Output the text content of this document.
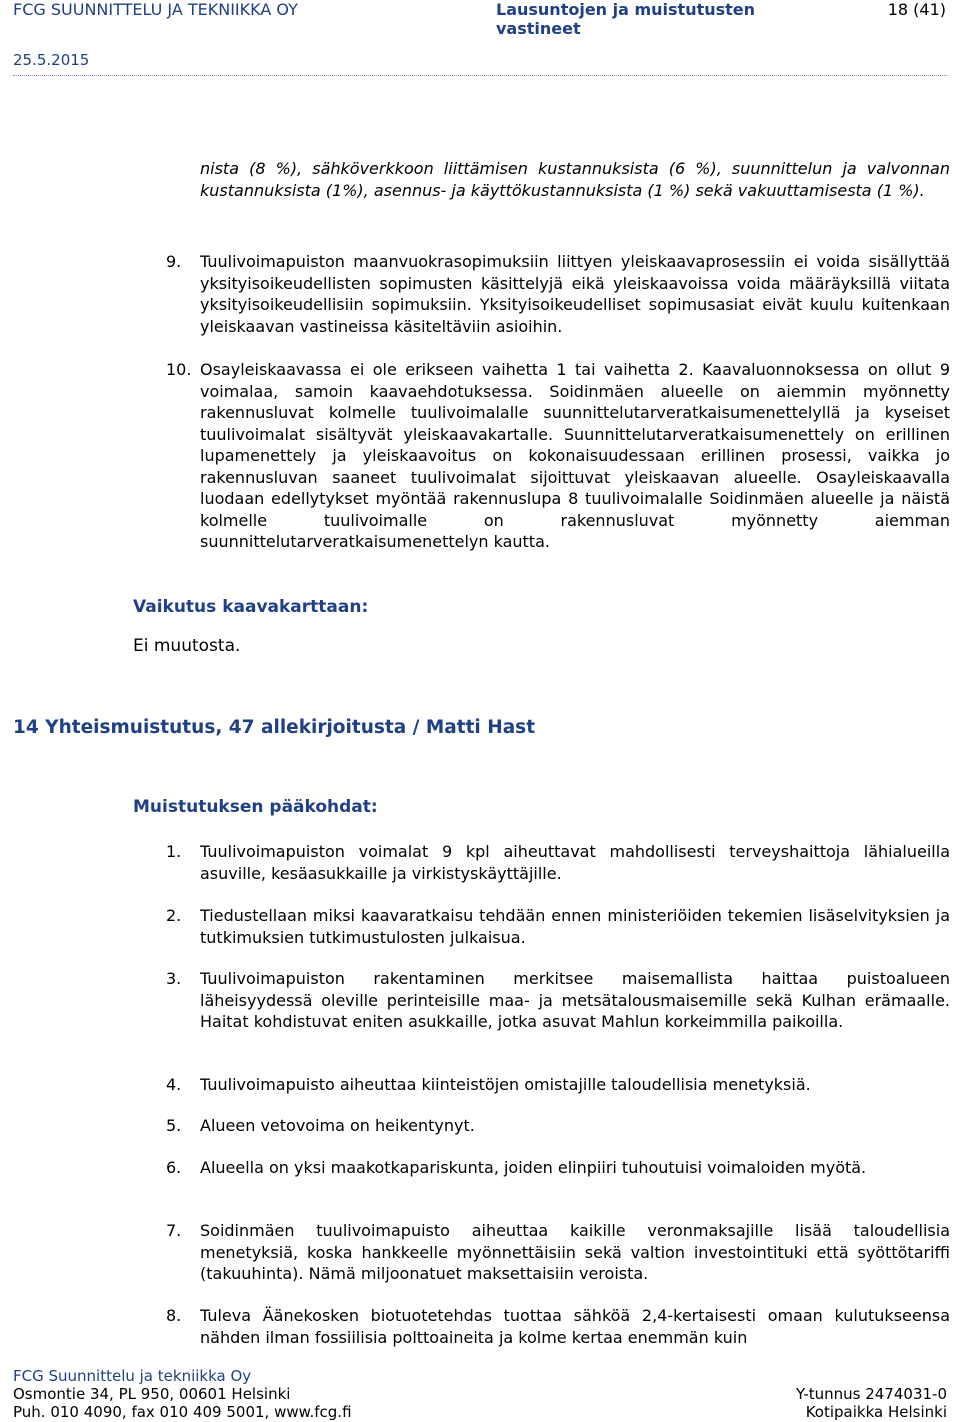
FCG SUUNNITTELU JA TEKNIIKKA OY	Lausuntojen ja muistutusten vastineet
18 (41)
25.5.2015
nista (8 %), sähköverkkoon liittämisen kustannuksista (6 %), suunnittelun ja valvonnan kustannuksista (1%), asennus- ja käyttökustannuksista (1 %) sekä vakuuttamisesta (1 %).
9. Tuulivoimapuiston maanvuokrasopimuksiin liittyen yleiskaavaprosessiin ei voida sisällyttää yksityisoikeudellisten sopimusten käsittelyjä eikä yleiskaavoissa voida määräyksillä viitata yksityisoikeudellisiin sopimuksiin. Yksityisoikeudelliset sopimusasiat eivät kuulu kuitenkaan yleiskaavan vastineissa käsiteltäviin asioihin.
10. Osayleiskaavassa ei ole erikseen vaihetta 1 tai vaihetta 2. Kaavaluonnoksessa on ollut 9 voimalaa, samoin kaavaehdotuksessa. Soidinmäen alueelle on aiemmin myönnetty rakennusluvat kolmelle tuulivoimalalle suunnittelutarveratkaisumenettelyllä ja kyseiset tuulivoimalat sisältyvät yleiskaavakartalle. Suunnittelutarveratkaisumenettely on erillinen lupamenettely ja yleiskaavoitus on kokonaisuudessaan erillinen prosessi, vaikka jo rakennusluvan saaneet tuulivoimalat sijoittuvat yleiskaavan alueelle. Osayleiskaavalla luodaan edellytykset myöntää rakennuslupa 8 tuulivoimalalle Soidinmäen alueelle ja näistä kolmelle tuulivoimalle on rakennusluvat myönnetty aiemman suunnittelutarveratkaisumenettelyn kautta.
Vaikutus kaavakarttaan:
Ei muutosta.
14 Yhteismuistutus, 47 allekirjoitusta / Matti Hast
Muistutuksen pääkohdat:
1. Tuulivoimapuiston voimalat 9 kpl aiheuttavat mahdollisesti terveyshaittoja lähialueilla asuville, kesäasukkaille ja virkistyskäyttäjille.
2. Tiedustellaan miksi kaavaratkaisu tehdään ennen ministeriöiden tekemien lisäselvityksien ja tutkimuksien tutkimustulosten julkaisua.
3. Tuulivoimapuiston rakentaminen merkitsee maisemallista haittaa puistoalueen läheisyydessä oleville perinteisille maa- ja metsätalousmaisemille sekä Kulhan erämaalle. Haitat kohdistuvat eniten asukkaille, jotka asuvat Mahlun korkeimmilla paikoilla.
4. Tuulivoimapuisto aiheuttaa kiinteistöjen omistajille taloudellisia menetyksiä.
5. Alueen vetovoima on heikentynyt.
6. Alueella on yksi maakotkapariskunta, joiden elinpiiri tuhoutuisi voimaloiden myötä.
7. Soidinmäen tuulivoimapuisto aiheuttaa kaikille veronmaksajille lisää taloudellisia menetyksiä, koska hankkeelle myönnettäisiin sekä valtion investointituki että syöttötariffi (takuuhinta). Nämä miljoonatuet maksettaisiin veroista.
8. Tuleva Äänekosken biotuotetehdas tuottaa sähköä 2,4-kertaisesti omaan kulutukseensa nähden ilman fossiilisia polttoaineita ja kolme kertaa enemmän kuin
FCG Suunnittelu ja tekniikka Oy
Osmontie 34, PL 950, 00601 Helsinki
Puh. 010 4090, fax 010 409 5001, www.fcg.fi
Y-tunnus 2474031-0
Kotipaikka Helsinki
